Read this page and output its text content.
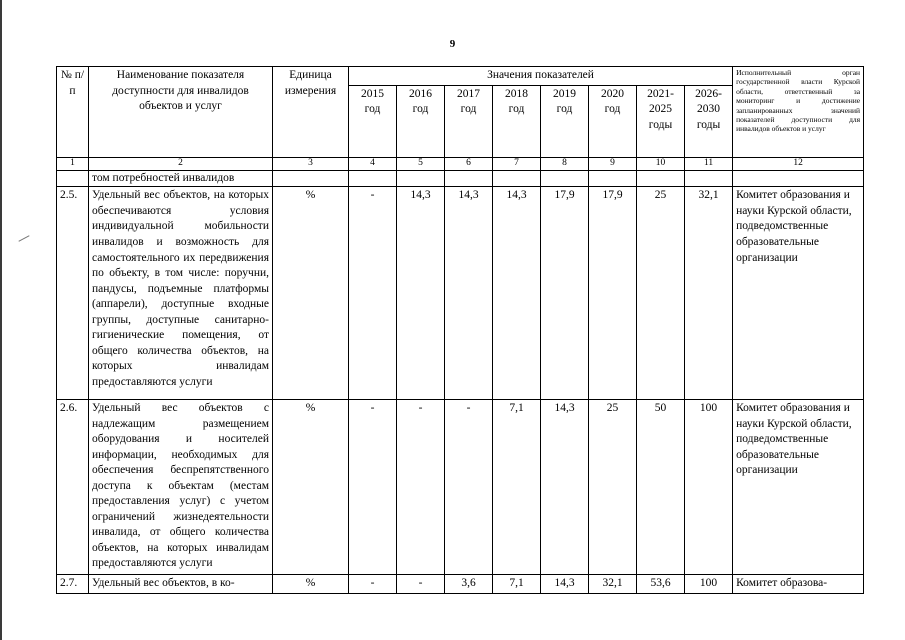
9
№ п/п	Наименование показателя доступности для инвалидов объектов и услуг	Единица измерения	Значения показателей								Исполнительный орган государственной власти Курской области, ответственный за мониторинг и достижение запланированных значений показателей доступности для инвалидов объектов и услуг
			2015 год	2016 год	2017 год	2018 год	2019 год	2020 год	2021-2025 годы	2026-2030 годы	
1	2	3	4	5	6	7	8	9	10	11	12
	том потребностей инвалидов										
2.5.	Удельный вес объектов, на которых обеспечиваются условия индивидуальной мобильности инвалидов и возможность для самостоятельного их передвижения по объекту, в том числе: поручни, пандусы, подъемные платформы (аппарели), доступные входные группы, доступные санитарно-гигиенические помещения, от общего количества объектов, на которых инвалидам предоставляются услуги	%	-	14,3	14,3	14,3	17,9	17,9	25	32,1	Комитет образования и науки Курской области, подведомственные образовательные организации
2.6.	Удельный вес объектов с надлежащим размещением оборудования и носителей информации, необходимых для обеспечения беспрепятственного доступа к объектам (местам предоставления услуг) с учетом ограничений жизнедеятельности инвалида, от общего количества объектов, на которых инвалидам предоставляются услуги	%	-	-	-	7,1	14,3	25	50	100	Комитет образования и науки Курской области, подведомственные образовательные организации
2.7.	Удельный вес объектов, в ко-	%	-	-	3,6	7,1	14,3	32,1	53,6	100	Комитет образова-
